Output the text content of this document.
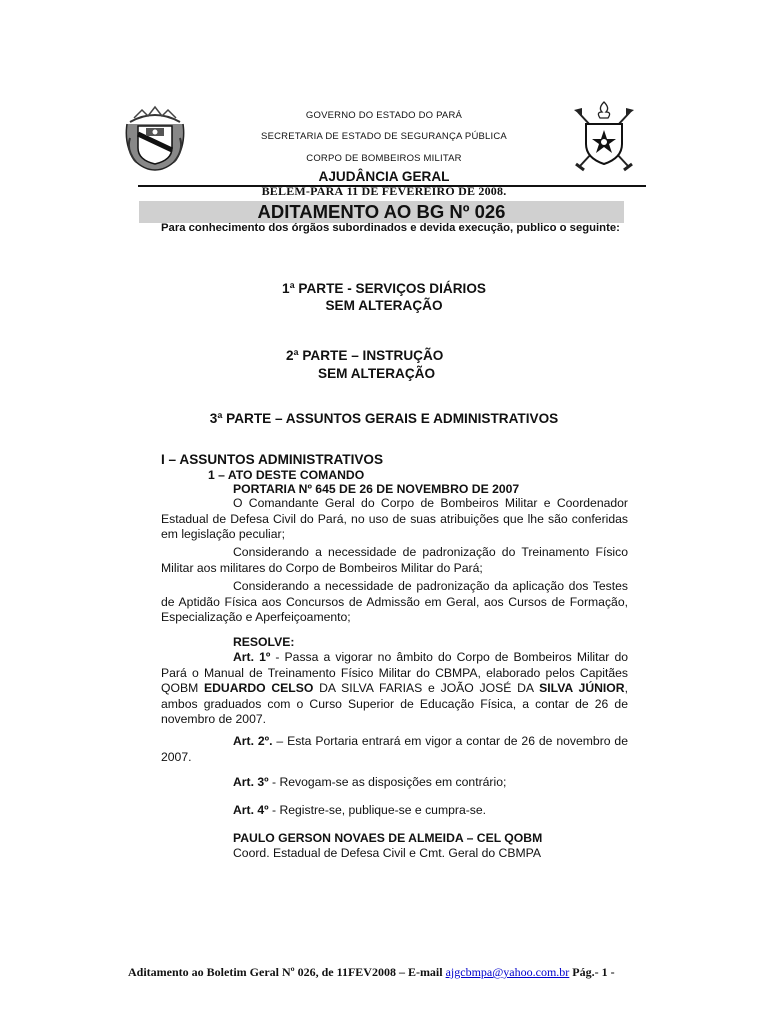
GOVERNO DO ESTADO DO PARÁ
SECRETARIA DE ESTADO DE SEGURANÇA PÚBLICA
CORPO DE BOMBEIROS MILITAR
AJUDÂNCIA GERAL
BELÉM-PARÁ 11 DE FEVEREIRO DE 2008.
ADITAMENTO AO BG Nº 026
Para conhecimento dos órgãos subordinados e devida execução, publico o seguinte:
1ª PARTE - SERVIÇOS DIÁRIOS
SEM ALTERAÇÃO
2ª PARTE – INSTRUÇÃO
SEM ALTERAÇÃO
3ª PARTE – ASSUNTOS GERAIS E ADMINISTRATIVOS
I – ASSUNTOS ADMINISTRATIVOS
1 – ATO DESTE COMANDO
PORTARIA Nº 645 DE 26 DE NOVEMBRO DE 2007
O Comandante Geral do Corpo de Bombeiros Militar e Coordenador Estadual de Defesa Civil do Pará, no uso de suas atribuições que lhe são conferidas em legislação peculiar;
Considerando a necessidade de padronização do Treinamento Físico Militar aos militares do Corpo de Bombeiros Militar do Pará;
Considerando a necessidade de padronização da aplicação dos Testes de Aptidão Física aos Concursos de Admissão em Geral, aos Cursos de Formação, Especialização e Aperfeiçoamento;
RESOLVE:
Art. 1º - Passa a vigorar no âmbito do Corpo de Bombeiros Militar do Pará o Manual de Treinamento Físico Militar do CBMPA, elaborado pelos Capitães QOBM EDUARDO CELSO DA SILVA FARIAS e JOÃO JOSÉ DA SILVA JÚNIOR, ambos graduados com o Curso Superior de Educação Física, a contar de 26 de novembro de 2007.
Art. 2º. – Esta Portaria entrará em vigor a contar de 26 de novembro de 2007.
Art. 3º - Revogam-se as disposições em contrário;
Art. 4º - Registre-se, publique-se e cumpra-se.
PAULO GERSON NOVAES DE ALMEIDA – CEL QOBM
Coord. Estadual de Defesa Civil e Cmt. Geral do CBMPA
Aditamento ao Boletim Geral Nº 026, de 11FEV2008 – E-mail ajgcbmpa@yahoo.com.br Pág.- 1 -
